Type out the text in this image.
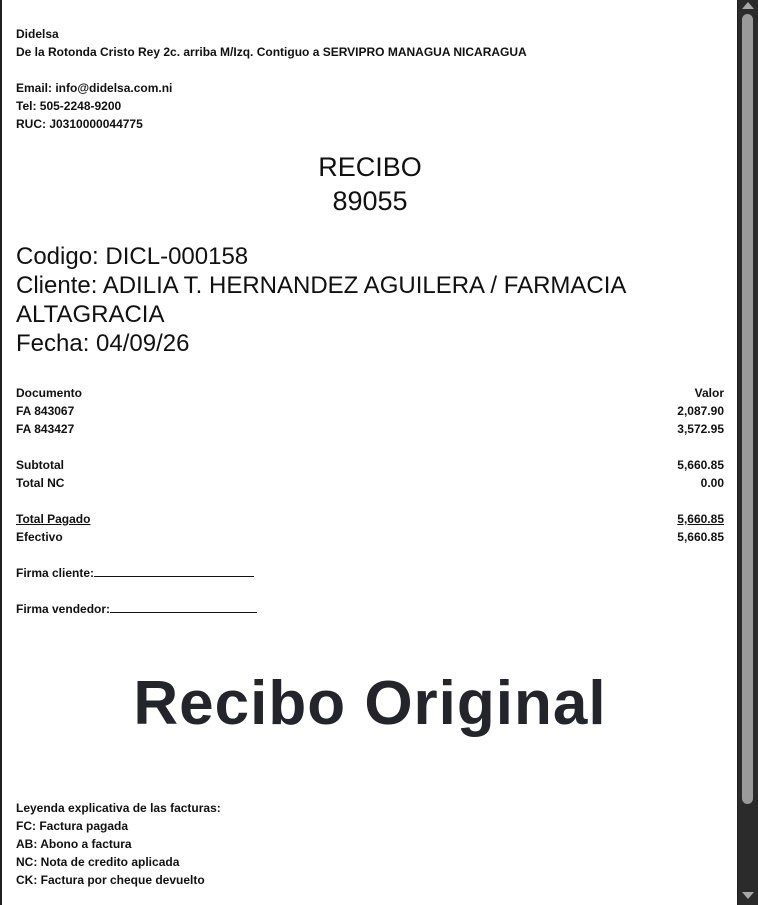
Didelsa
De la Rotonda Cristo Rey 2c. arriba M/Izq. Contiguo a SERVIPRO MANAGUA NICARAGUA
Email: info@didelsa.com.ni
Tel: 505-2248-9200
RUC: J0310000044775
RECIBO
89055
Codigo: DICL-000158
Cliente: ADILIA T. HERNANDEZ AGUILERA / FARMACIA ALTAGRACIA
Fecha: 04/09/26
Documento	Valor
FA 843067	2,087.90
FA 843427	3,572.95
Subtotal	5,660.85
Total NC	0.00
Total Pagado	5,660.85
Efectivo	5,660.85
Firma cliente:
Firma vendedor:
Recibo Original
Leyenda explicativa de las facturas:
FC: Factura pagada
AB: Abono a factura
NC: Nota de credito aplicada
CK: Factura por cheque devuelto
